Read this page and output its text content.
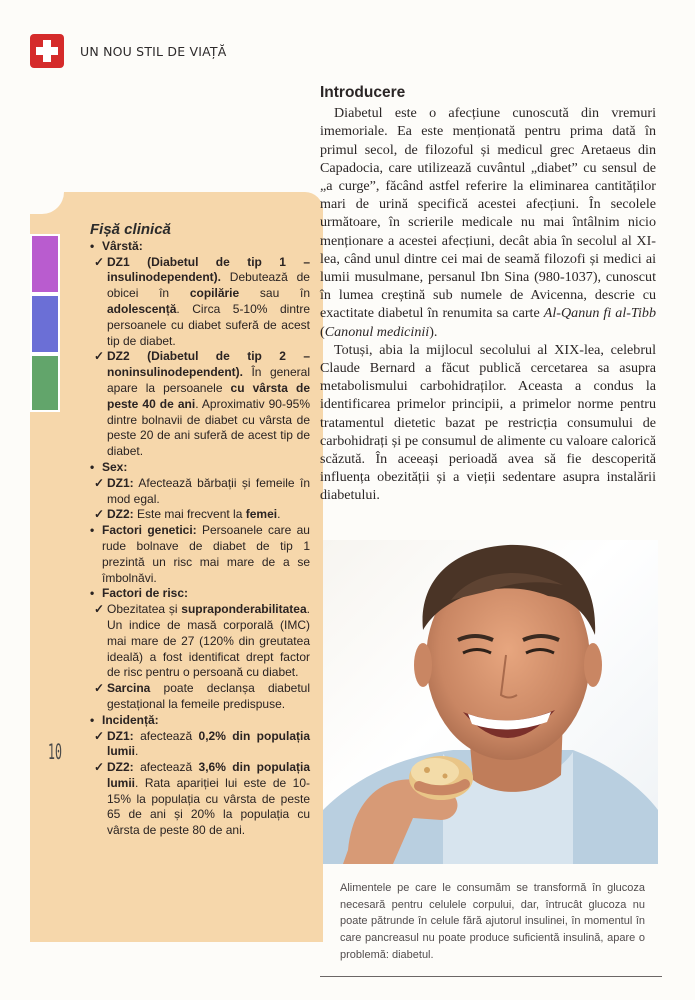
UN NOU STIL DE VIAȚĂ
10
Fișă clinică
• Vârstă:
✓ DZ1 (Diabetul de tip 1 – insulinodependent). Debutează de obicei în copilărie sau în adolescență. Circa 5-10% dintre persoanele cu diabet suferă de acest tip de diabet.
✓ DZ2 (Diabetul de tip 2 – noninsulinodependent). În general apare la persoanele cu vârsta de peste 40 de ani. Aproximativ 90-95% dintre bolnavii de diabet cu vârsta de peste 20 de ani suferă de acest tip de diabet.
• Sex:
✓ DZ1: Afectează bărbații și femeile în mod egal.
✓ DZ2: Este mai frecvent la femei.
• Factori genetici: Persoanele care au rude bolnave de diabet de tip 1 prezintă un risc mai mare de a se îmbolnăvi.
• Factori de risc:
✓ Obezitatea și supraponderabilitatea. Un indice de masă corporală (IMC) mai mare de 27 (120% din greutatea ideală) a fost identificat drept factor de risc pentru o persoană cu diabet.
✓ Sarcina poate declanșa diabetul gestațional la femeile predispuse.
• Incidență:
✓ DZ1: afectează 0,2% din populația lumii.
✓ DZ2: afectează 3,6% din populația lumii. Rata apariției lui este de 10-15% la populația cu vârsta de peste 65 de ani și 20% la populația cu vârsta de peste 80 de ani.
Introducere

Diabetul este o afecțiune cunoscută din vremuri imemoriale. Ea este menționată pentru prima dată în primul secol, de filozoful și medicul grec Aretaeus din Capadocia, care utilizează cuvântul „diabet” cu sensul de „a curge”, făcând astfel referire la eliminarea cantităților mari de urină specifică acestei afecțiuni. În secolele următoare, în scrierile medicale nu mai întâlnim nicio menționare a acestei afecțiuni, decât abia în secolul al XI-lea, când unul dintre cei mai de seamă filozofi și medici ai lumii musulmane, persanul Ibn Sina (980-1037), cunoscut în lumea creștină sub numele de Avicenna, descrie cu exactitate diabetul în renumita sa carte Al-Qanun fi al-Tibb (Canonul medicinii).

Totuși, abia la mijlocul secolului al XIX-lea, celebrul Claude Bernard a făcut publică cercetarea sa asupra metabolismului carbohidraților. Aceasta a condus la identificarea primelor principii, a primelor norme pentru tratamentul dietetic bazat pe restricția consumului de carbohidrați și pe consumul de alimente cu valoare calorică scăzută. În aceeași perioadă avea să fie descoperită influența obezității și a vieții sedentare asupra instalării diabetului.

Alimentele pe care le consumăm se transformă în glucoza necesară pentru celulele corpului, dar, întrucât glucoza nu poate pătrunde în celule fără ajutorul insulinei, în momentul în care pancreasul nu poate produce suficientă insulină, apare o problemă: diabetul.
